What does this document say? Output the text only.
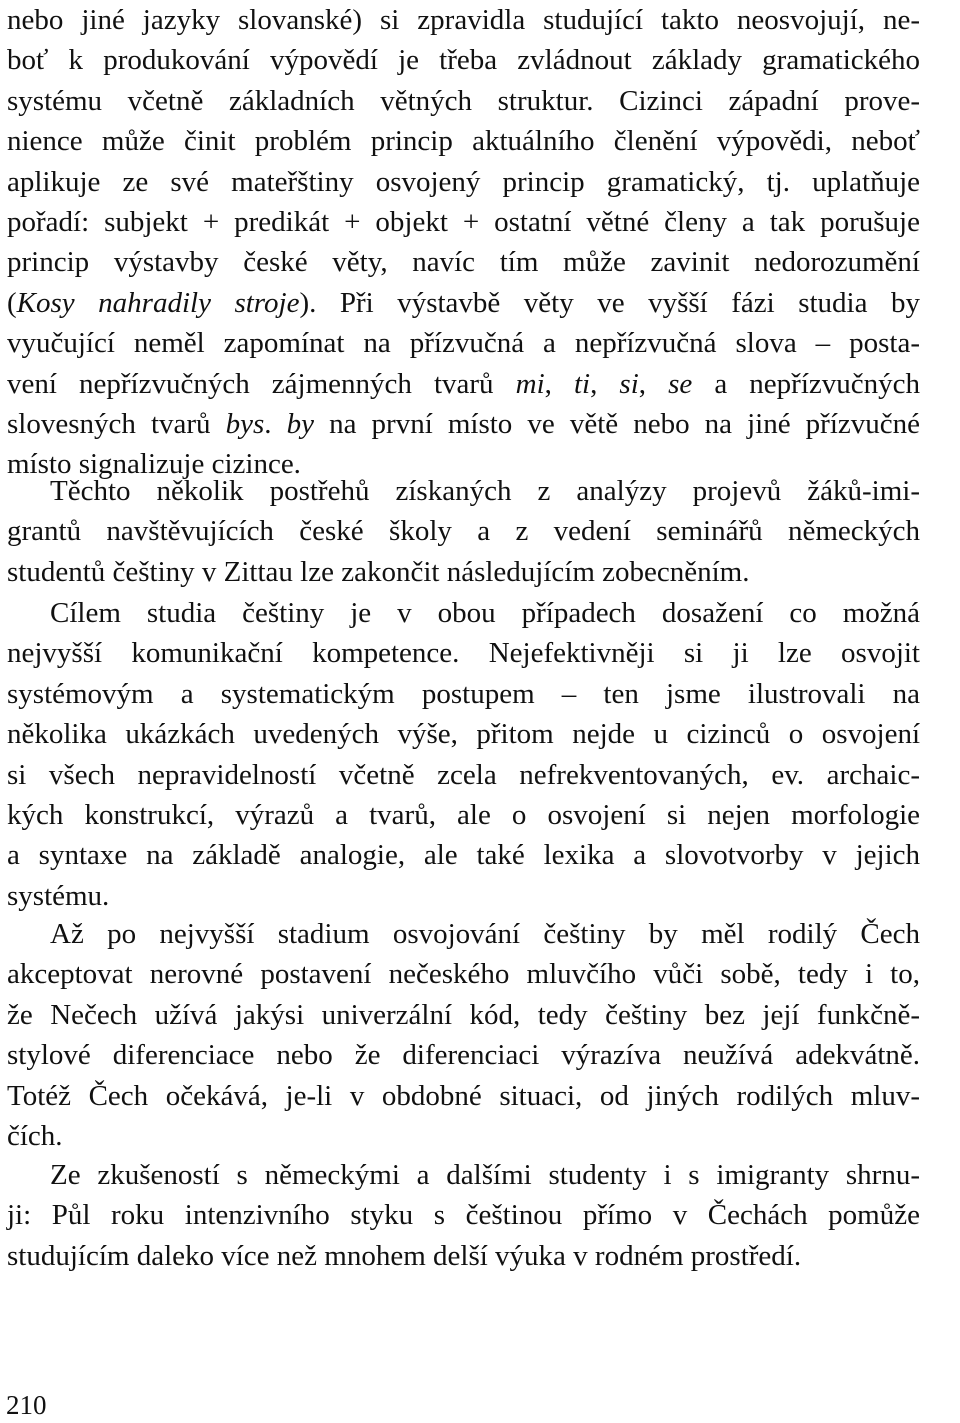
nebo jiné jazyky slovanské) si zpravidla studující takto neosvojují, ne-
boť k produkování výpovědí je třeba zvládnout základy gramatického
systému včetně základních větných struktur. Cizinci západní prove-
nience může činit problém princip aktuálního členění výpovědi, neboť
aplikuje ze své mateřštiny osvojený princip gramatický, tj. uplatňuje
pořadí: subjekt + predikát + objekt + ostatní větné členy a tak porušuje
princip výstavby české věty, navíc tím může zavinit nedorozumění
(Kosy nahradily stroje). Při výstavbě věty ve vyšší fázi studia by
vyučující neměl zapomínat na přízvučná a nepřízvučná slova – posta-
vení nepřízvučných zájmenných tvarů mi, ti, si, se a nepřízvučných
slovesných tvarů bys. by na první místo ve větě nebo na jiné přízvučné
místo signalizuje cizince.
Těchto několik postřehů získaných z analýzy projevů žáků-imi-
grantů navštěvujících české školy a z vedení seminářů německých
studentů češtiny v Zittau lze zakončit následujícím zobecněním.
Cílem studia češtiny je v obou případech dosažení co možná
nejvyšší komunikační kompetence. Nejefektivněji si ji lze osvojit
systémovým a systematickým postupem – ten jsme ilustrovali na
několika ukázkách uvedených výše, přitom nejde u cizinců o osvojení
si všech nepravidelností včetně zcela nefrekventovaných, ev. archaic-
kých konstrukcí, výrazů a tvarů, ale o osvojení si nejen morfologie
a syntaxe na základě analogie, ale také lexika a slovotvorby v jejich
systému.
Až po nejvyšší stadium osvojování češtiny by měl rodilý Čech
akceptovat nerovné postavení nečeského mluvčího vůči sobě, tedy i to,
že Nečech užívá jakýsi univerzální kód, tedy češtiny bez její funkčně-
stylové diferenciace nebo že diferenciaci výrazíva neužívá adekvátně.
Totéž Čech očekává, je-li v obdobné situaci, od jiných rodilých mluv-
čích.
Ze zkušeností s německými a dalšími studenty i s imigranty shrnu-
ji: Půl roku intenzivního styku s češtinou přímo v Čechách pomůže
studujícím daleko více než mnohem delší výuka v rodném prostředí.
210
